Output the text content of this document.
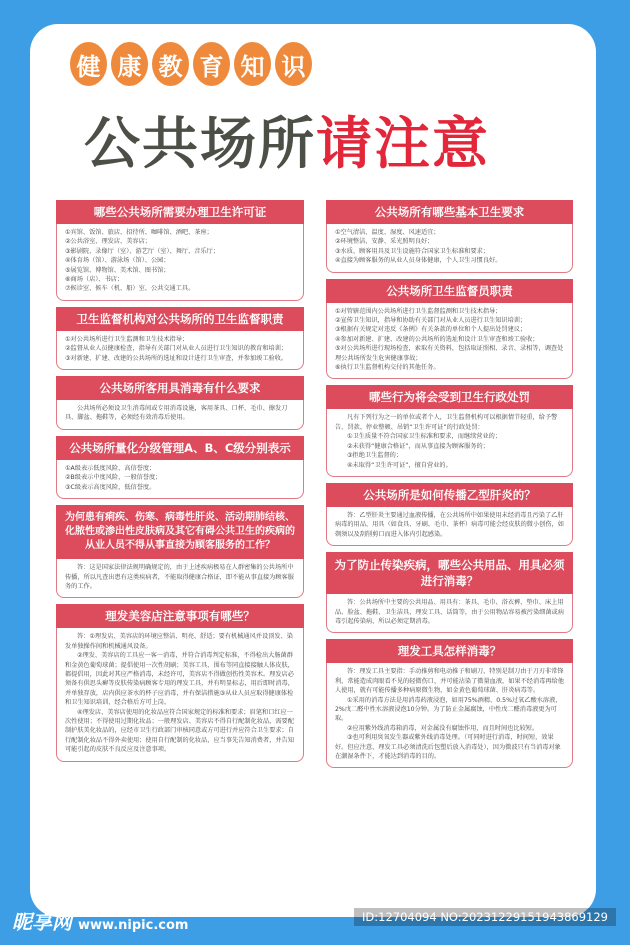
健 康 教 育 知 识
公共场所请注意
哪些公共场所需要办理卫生许可证

①宾馆、饭馆、旅店、招待所、咖啡馆、酒吧、茶座；

②公共浴室、理发店、美容店；

③影剧院、录像厅（室）、游艺厅（室）、舞厅、音乐厅；

④体育场（馆）、游泳场（馆）、公园；

⑤展览馆、博物馆、美术馆、图书馆；

⑥商场（店）、书店；

⑦候诊室、候车（机、船）室、公共交通工具。

卫生监督机构对公共场所的卫生监督职责

①对公共场所进行卫生监测和卫生技术指导；

②监督从业人员健康检查，指导有关部门对从业人员进行卫生知识的教育和培训；

③对新建、扩建、改建的公共场所的选址和设计进行卫生审查，并参加竣工验收。

公共场所客用具消毒有什么要求

公共场所必须设卫生消毒间或专用消毒设施，客用茶具、口杯、毛巾、擦发刀具、脚盆、拖鞋等，必须经有效消毒后使用。

公共场所量化分级管理A、B、C级分别表示

①A级表示低度风险，高信誉度；

②B级表示中度风险，一般信誉度；

③C级表示高度风险，低信誉度。

为何患有痢疾、伤寒、病毒性肝炎、活动期肺结核、化脓性或渗出性皮肤病及其它有碍公共卫生的疾病的从业人员不得从事直接为顾客服务的工作？

答：这是国家法律法规明确规定的，由于上述疾病极易在人群密集的公共场所中传播，所以凡查出患有这类疾病者，不能取得健康合格证，即不能从事直接为顾客服务的工作。

理发美容店注意事项有哪些？

答：①理发店、美容店的环境应整洁、明亮、舒适；要有机械通风并设顶发、染发单独操作间和机械通风设备。

②理发、美容店的工具应一客一消毒，并符合消毒判定标准，不得检出大肠菌群和金黄色葡萄球菌；提倡使用一次性胡刷；美容工具、围布等同直接接触人体皮肤，都提倡用，因此对其应严格消毒，未经许可，美容店不得做创伤性美容术。理发店必须备有供思头癣等皮肤传染病顾客专用的理发工具，并有明显标志，用后即时消毒，并单独存放，店内供应茶水的杯子应消毒，并有保洁措施③从业人员应取得健康体检和卫生知识培训，经合格后方可上岗。

④理发店、美容店使用的化妆品应符合国家规定的标准和要求；眉笔和口红应一次性使用；不得使用过期化妆品；一般理发店、美容店不得自行配制化妆品，需要配制护肤美化妆品的，应经市卫生行政部门审核同意或方可进行并应符合卫生要求；自行配制化妆品不得外卖使用；使用自行配制的化妆品，应当事先告知消费者，并告知可能引起的皮肤不良反应及注意事项。

公共场所有哪些基本卫生要求

①空气清洁、温度、湿度、风速适宜；

②环境整洁、安静、采光照明良好；

③水质、顾客用具及卫生设施符合国家卫生标准和要求；

④直接为顾客服务的从业人员身体健康，个人卫生习惯良好。

公共场所卫生监督员职责

①对管辖范围内公共场所进行卫生监督监测和卫生技术指导；

②宣传卫生知识，指导和协助有关部门对从业人员进行卫生知识培训；

③根据有关规定对违反《条例》有关条款的单位和个人提出处罚建议；

④参加对新建、扩建、改建的公共场所的选址和设计卫生审查和竣工验收；

⑤对公共场所进行现场检查，索取有关资料，包括取证照相、录音、录相等，调查处理公共场所发生危害健康事故；

⑥执行卫生监督机构交付的其他任务。

哪些行为将会受到卫生行政处罚

凡有下列行为之一的单位或者个人，卫生监督机构可以根据情节轻重，给予警告、罚款、停业整顿、吊销“卫生许可证”的行政处罚：

①卫生质量不符合国家卫生标准和要求，而继续营业的；

②未获得“健康合格证”，而从事直接为顾客服务的；

③拒绝卫生监督的；

④未取得“卫生许可证”，擅自营业的。

公共场所是如何传播乙型肝炎的？

答：乙型肝炎主要通过血液传播，在公共场所中如果使用未经消毒且污染了乙肝病毒的用品、用具（如食具、牙刷、毛巾、茶杯）病毒可能会经皮肤的微小创伤，如剃须以及刮削剪口而进入体内引起感染。

为了防止传染疾病，哪些公共用品、用具必须进行消毒？

答：公共场所中主要的公共用品、用具有：茶具、毛巾、浴衣裤、垫巾、床上用品、脸盆、拖鞋、卫生洁具、理发工具、话筒等，由于公用物品容易被污染细菌或病毒引起传染病，所以必须定期消毒。

理发工具怎样消毒？

答：理发工具主要指：手动推剪和电动推子和刷刀，特别是制刀由于刀刃非常锋利，常能造成肉眼看不见的轻微伤口，并可能沾染了微量血液，如果不经消毒再给他人使用，就有可能传播多种病原微生物，如金黄色葡萄球菌、肝炎病毒等。

①采用的消毒方法是用消毒药液浸泡，如用75%酒精、0.5%过氧乙酸水溶液，2%戊二醛中性水溶液浸泡10分钟。为了防止金属腐蚀，中性戊二醛消毒液更为可取。

②应用紫外线消毒箱消毒，对金属没有腐蚀作用，而且时间也比较短。

③也可利用臭氧发生器或紫外线消毒处理。（可同时进行消毒，时间短，效果好。但应注意，理发工具必须清洗后包塑后放入消毒处），因为微波只有当消毒对象在潮湿条件下，才能达到消毒的目的。

昵享网 www.nipic.com
ID:12704094 NO:20231229151943869129
